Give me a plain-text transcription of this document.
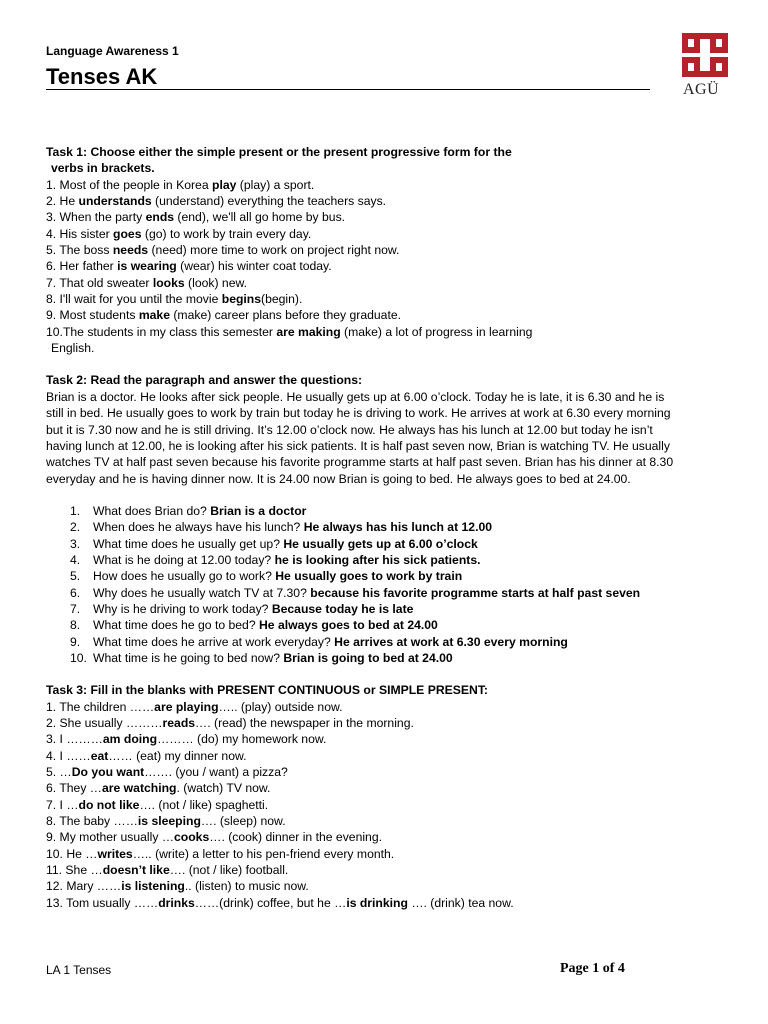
Language Awareness 1
Tenses AK
AGÜ

Task 1: Choose either the simple present or the present progressive form for the

verbs in brackets.

1. Most of the people in Korea play (play) a sport.

2. He understands (understand) everything the teachers says.

3. When the party ends (end), we'll all go home by bus.

4. His sister goes (go) to work by train every day.

5. The boss needs (need) more time to work on project right now.

6. Her father is wearing (wear) his winter coat today.

7. That old sweater looks (look) new.

8. I'll wait for you until the movie begins(begin).

9. Most students make (make) career plans before they graduate.

10.The students in my class this semester are making (make) a lot of progress in learning

English.

Task 2: Read the paragraph and answer the questions:

Brian is a doctor. He looks after sick people. He usually gets up at 6.00 o’clock. Today he is late, it is 6.30 and he is

still in bed. He usually goes to work by train but today he is driving to work. He arrives at work at 6.30 every morning

but it is 7.30 now and he is still driving. It’s 12.00 o’clock now. He always has his lunch at 12.00 but today he isn’t

having lunch at 12.00, he is looking after his sick patients. It is half past seven now, Brian is watching TV. He usually

watches TV at half past seven because his favorite programme starts at half past seven. Brian has his dinner at 8.30

everyday and he is having dinner now. It is 24.00 now Brian is going to bed. He always goes to bed at 24.00.

1. What does Brian do? Brian is a doctor
2. When does he always have his lunch? He always has his lunch at 12.00
3. What time does he usually get up? He usually gets up at 6.00 o’clock
4. What is he doing at 12.00 today? he is looking after his sick patients.
5. How does he usually go to work? He usually goes to work by train
6. Why does he usually watch TV at 7.30? because his favorite programme starts at half past seven
7. Why is he driving to work today? Because today he is late
8. What time does he go to bed? He always goes to bed at 24.00
9. What time does he arrive at work everyday? He arrives at work at 6.30 every morning
10. What time is he going to bed now? Brian is going to bed at 24.00

Task 3: Fill in the blanks with PRESENT CONTINUOUS or SIMPLE PRESENT:

1. The children ……are playing….. (play) outside now.

2. She usually ………reads…. (read) the newspaper in the morning.

3. I ………am doing……… (do) my homework now.

4. I ……eat…… (eat) my dinner now.

5. …Do you want……. (you / want) a pizza?

6. They …are watching. (watch) TV now.

7. I …do not like…. (not / like) spaghetti.

8. The baby ……is sleeping…. (sleep) now.

9. My mother usually …cooks…. (cook) dinner in the evening.

10. He …writes….. (write) a letter to his pen-friend every month.

11. She …doesn’t like…. (not / like) football.

12. Mary ……is listening.. (listen) to music now.

13. Tom usually ……drinks……(drink) coffee, but he …is drinking …. (drink) tea now.

LA 1 Tenses	Page 1 of 4
